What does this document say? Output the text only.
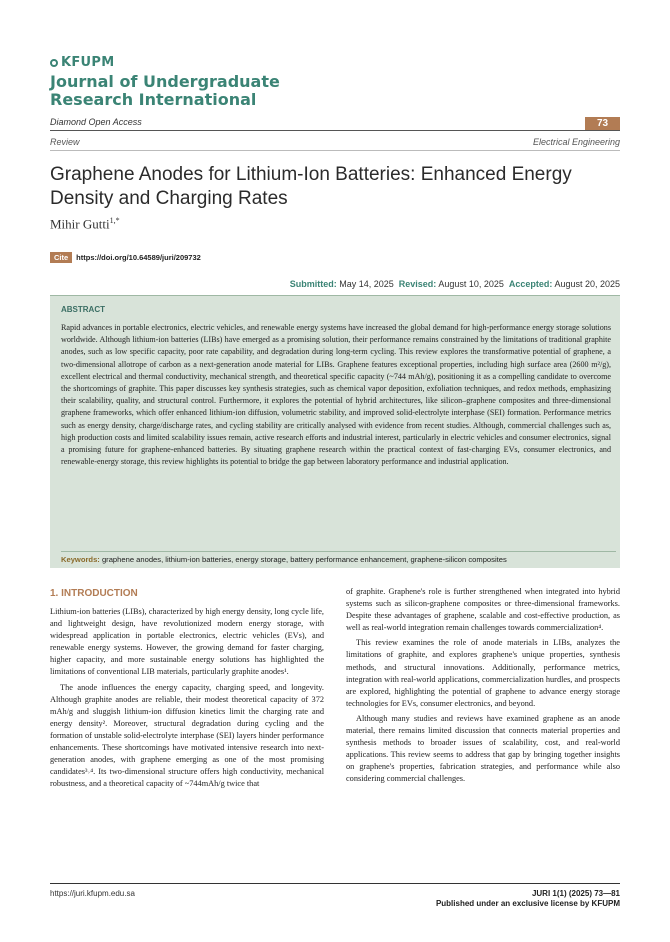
KFUPM
Journal of Undergraduate
Research International
Diamond Open Access	73
Review	Electrical Engineering
Graphene Anodes for Lithium-Ion Batteries: Enhanced Energy Density and Charging Rates
Mihir Gutti$^{1,*}$
Cite https://doi.org/10.64589/juri/209732
Submitted: May 14, 2025 Revised: August 10, 2025 Accepted: August 20, 2025
ABSTRACT
Rapid advances in portable electronics, electric vehicles, and renewable energy systems have increased the global demand for high-performance energy storage solutions worldwide. Although lithium-ion batteries (LIBs) have emerged as a promising solution, their performance remains constrained by the limitations of traditional graphite anodes, such as low specific capacity, poor rate capability, and degradation during long-term cycling. This review explores the transformative potential of graphene, a two-dimensional allotrope of carbon as a next-generation anode material for LIBs. Graphene features exceptional properties, including high surface area (2600 m²/g), excellent electrical and thermal conductivity, mechanical strength, and theoretical specific capacity (~744 mAh/g), positioning it as a compelling candidate to overcome the shortcomings of graphite. This paper discusses key synthesis strategies, such as chemical vapor deposition, exfoliation techniques, and redox methods, emphasizing their scalability, quality, and structural control. Furthermore, it explores the potential of hybrid architectures, like silicon–graphene composites and three-dimensional graphene frameworks, which offer enhanced lithium-ion diffusion, volumetric stability, and improved solid-electrolyte interphase (SEI) formation. Performance metrics such as energy density, charge/discharge rates, and cycling stability are critically analysed with evidence from recent studies. Although, commercial challenges such as, high production costs and limited scalability issues remain, active research efforts and industrial interest, particularly in electric vehicles and consumer electronics, signal a promising future for graphene-enhanced batteries. By situating graphene research within the practical context of fast-charging EVs, consumer electronics, and renewable-energy storage, this review highlights its potential to bridge the gap between laboratory performance and industrial application.
Keywords: graphene anodes, lithium-ion batteries, energy storage, battery performance enhancement, graphene-silicon composites
1. INTRODUCTION

Lithium-ion batteries (LIBs), characterized by high energy density, long cycle life, and lightweight design, have revolutionized modern energy storage, with widespread application in portable electronics, electric vehicles (EVs), and renewable energy systems. However, the growing demand for faster charging, higher capacity, and more sustainable energy solutions has highlighted the limitations of conventional LIB materials, particularly graphite anodes¹.

The anode influences the energy capacity, charging speed, and longevity. Although graphite anodes are reliable, their modest theoretical capacity of 372 mAh/g and sluggish lithium-ion diffusion kinetics limit the charging rate and energy density². Moreover, structural degradation during cycling and the formation of unstable solid-electrolyte interphase (SEI) layers hinder performance enhancements. These shortcomings have motivated intensive research into next-generation anodes, with graphene emerging as one of the most promising candidates³˒⁴. Its two-dimensional structure offers high conductivity, mechanical robustness, and a theoretical capacity of ~744mAh/g twice that

of graphite. Graphene's role is further strengthened when integrated into hybrid systems such as silicon-graphene composites or three-dimensional frameworks. Despite these advantages of graphene, scalable and cost-effective production, as well as real-world integration remain challenges towards commercialization⁴.

This review examines the role of anode materials in LIBs, analyzes the limitations of graphite, and explores graphene's unique properties, synthesis methods, and structural innovations. Additionally, performance metrics, integration with real-world applications, commercialization hurdles, and prospects are explored, highlighting the potential of graphene to advance energy storage technologies for EVs, consumer electronics, and beyond.

Although many studies and reviews have examined graphene as an anode material, there remains limited discussion that connects material properties and synthesis methods to broader issues of scalability, cost, and real-world applications. This review seems to address that gap by bringing together insights on graphene's properties, fabrication strategies, and performance while also considering commercial challenges.

https://juri.kfupm.edu.sa	JURI 1(1) (2025) 73—81
Published under an exclusive license by KFUPM
